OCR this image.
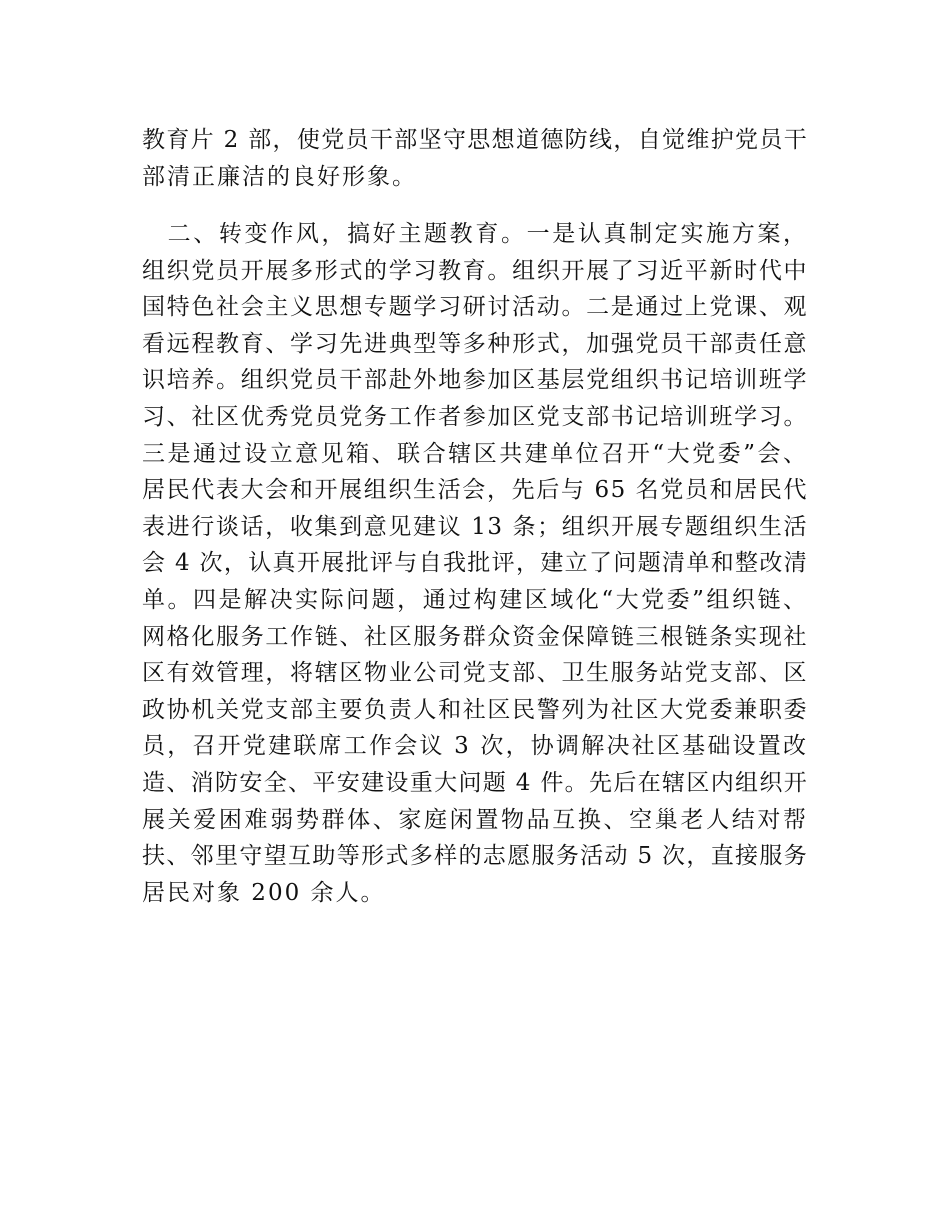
教育片 2 部，使党员干部坚守思想道德防线，自觉维护党员干
部清正廉洁的良好形象。

　二、转变作风，搞好主题教育。一是认真制定实施方案，
组织党员开展多形式的学习教育。组织开展了习近平新时代中
国特色社会主义思想专题学习研讨活动。二是通过上党课、观
看远程教育、学习先进典型等多种形式，加强党员干部责任意
识培养。组织党员干部赴外地参加区基层党组织书记培训班学
习、社区优秀党员党务工作者参加区党支部书记培训班学习。
三是通过设立意见箱、联合辖区共建单位召开“大党委”会、
居民代表大会和开展组织生活会，先后与 65 名党员和居民代
表进行谈话，收集到意见建议 13 条；组织开展专题组织生活
会 4 次，认真开展批评与自我批评，建立了问题清单和整改清
单。四是解决实际问题，通过构建区域化“大党委”组织链、
网格化服务工作链、社区服务群众资金保障链三根链条实现社
区有效管理，将辖区物业公司党支部、卫生服务站党支部、区
政协机关党支部主要负责人和社区民警列为社区大党委兼职委
员，召开党建联席工作会议 3 次，协调解决社区基础设置改
造、消防安全、平安建设重大问题 4 件。先后在辖区内组织开
展关爱困难弱势群体、家庭闲置物品互换、空巢老人结对帮
扶、邻里守望互助等形式多样的志愿服务活动 5 次，直接服务
居民对象 200 余人。
